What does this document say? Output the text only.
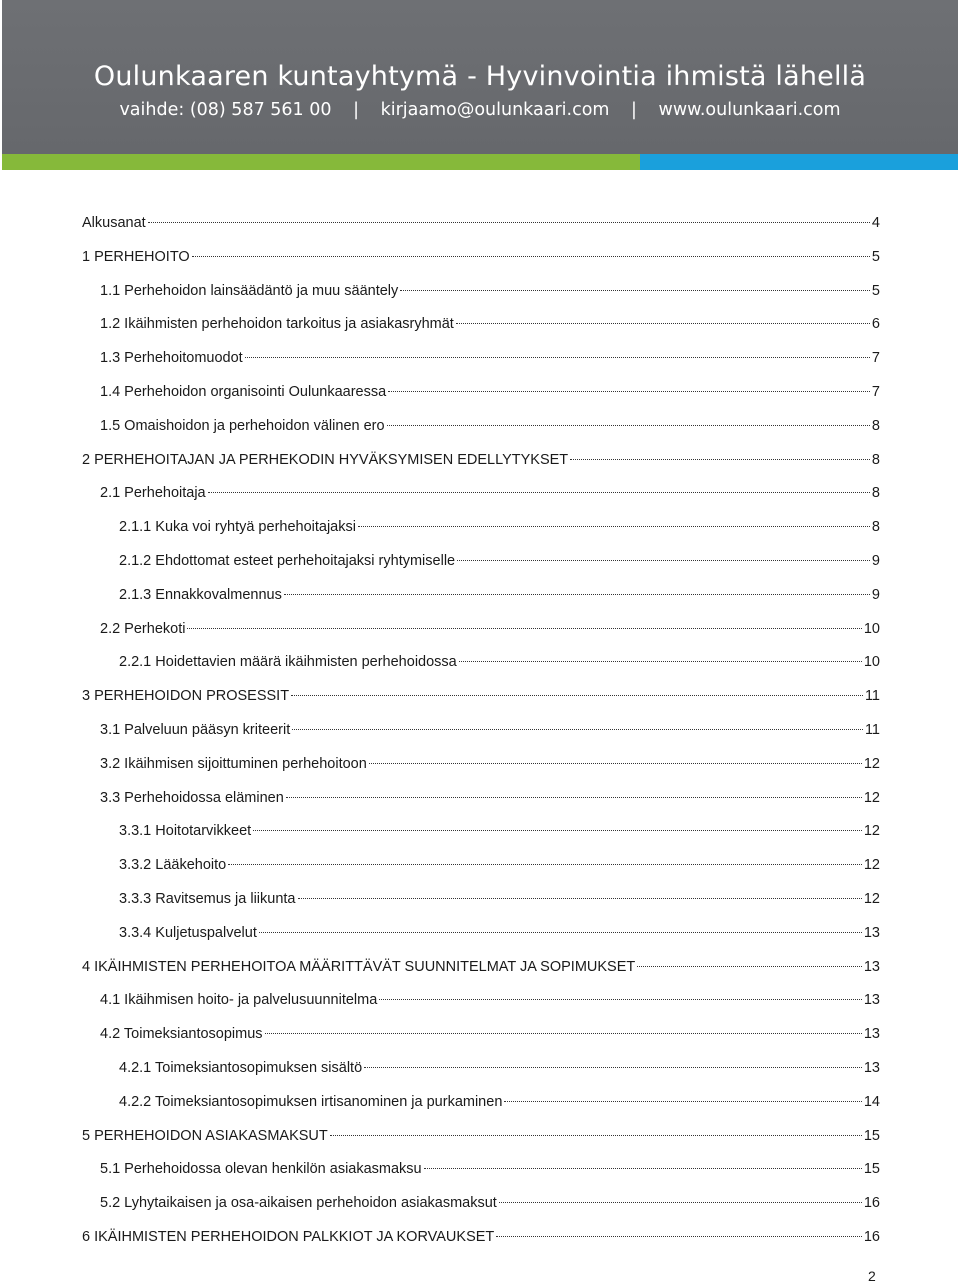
Oulunkaaren kuntayhtymä - Hyvinvointia ihmistä lähellä
vaihde: (08) 587 561 00 | kirjaamo@oulunkaari.com | www.oulunkaari.com
Alkusanat	4
1 PERHEHOITO	5
1.1 Perhehoidon lainsäädäntö ja muu sääntely	5
1.2 Ikäihmisten perhehoidon tarkoitus ja asiakasryhmät	6
1.3 Perhehoitomuodot	7
1.4 Perhehoidon organisointi Oulunkaaressa	7
1.5 Omaishoidon ja perhehoidon välinen ero	8
2 PERHEHOITAJAN JA PERHEKODIN HYVÄKSYMISEN EDELLYTYKSET	8
2.1 Perhehoitaja	8
2.1.1 Kuka voi ryhtyä perhehoitajaksi	8
2.1.2 Ehdottomat esteet perhehoitajaksi ryhtymiselle	9
2.1.3 Ennakkovalmennus	9
2.2 Perhekoti	10
2.2.1 Hoidettavien määrä ikäihmisten perhehoidossa	10
3 PERHEHOIDON PROSESSIT	11
3.1 Palveluun pääsyn kriteerit	11
3.2 Ikäihmisen sijoittuminen perhehoitoon	12
3.3 Perhehoidossa eläminen	12
3.3.1 Hoitotarvikkeet	12
3.3.2 Lääkehoito	12
3.3.3 Ravitsemus ja liikunta	12
3.3.4 Kuljetuspalvelut	13
4 IKÄIHMISTEN PERHEHOITOA MÄÄRITTÄVÄT SUUNNITELMAT JA SOPIMUKSET	13
4.1 Ikäihmisen hoito- ja palvelusuunnitelma	13
4.2 Toimeksiantosopimus	13
4.2.1 Toimeksiantosopimuksen sisältö	13
4.2.2 Toimeksiantosopimuksen irtisanominen ja purkaminen	14
5 PERHEHOIDON ASIAKASMAKSUT	15
5.1 Perhehoidossa olevan henkilön asiakasmaksu	15
5.2 Lyhytaikaisen ja osa-aikaisen perhehoidon asiakasmaksut	16
6 IKÄIHMISTEN PERHEHOIDON PALKKIOT JA KORVAUKSET	16
2
